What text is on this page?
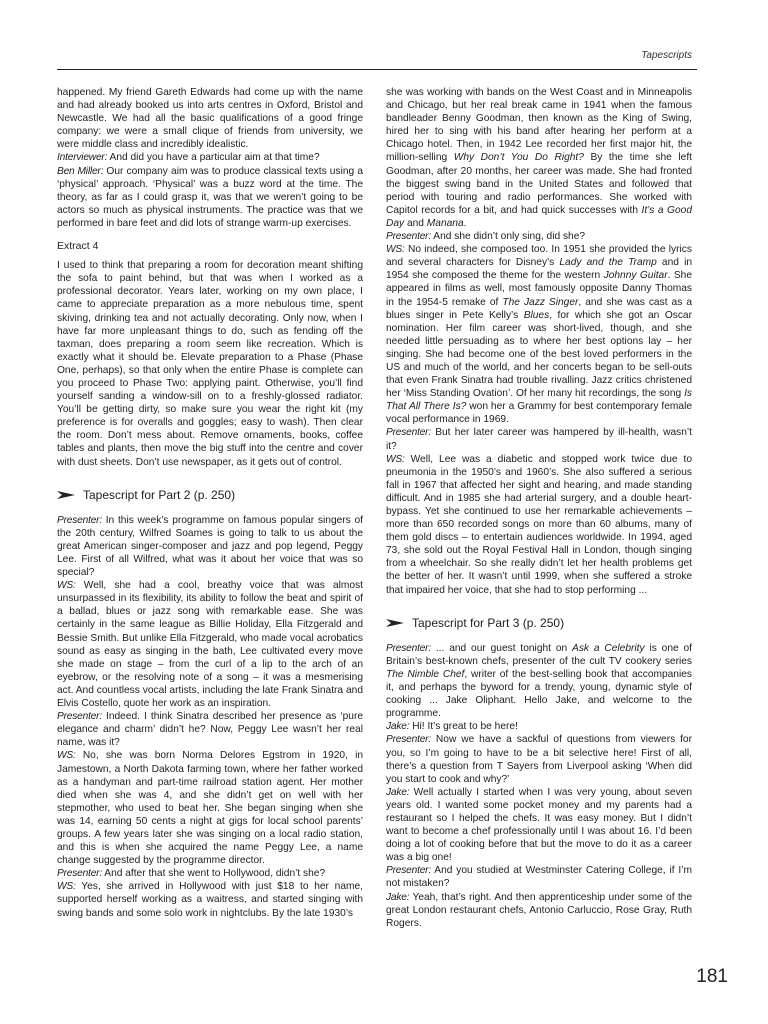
Tapescripts

happened. My friend Gareth Edwards had come up with the name and had already booked us into arts centres in Oxford, Bristol and Newcastle. We had all the basic qualifications of a good fringe company: we were a small clique of friends from university, we were middle class and incredibly idealistic.

Interviewer: And did you have a particular aim at that time?

Ben Miller: Our company aim was to produce classical texts using a ‘physical’ approach. ‘Physical’ was a buzz word at the time. The theory, as far as I could grasp it, was that we weren’t going to be actors so much as physical instruments. The practice was that we performed in bare feet and did lots of strange warm-up exercises.

Extract 4

I used to think that preparing a room for decoration meant shifting the sofa to paint behind, but that was when I worked as a professional decorator. Years later, working on my own place, I came to appreciate preparation as a more nebulous time, spent skiving, drinking tea and not actually decorating. Only now, when I have far more unpleasant things to do, such as fending off the taxman, does preparing a room seem like recreation. Which is exactly what it should be. Elevate preparation to a Phase (Phase One, perhaps), so that only when the entire Phase is complete can you proceed to Phase Two: applying paint. Otherwise, you’ll find yourself sanding a window-sill on to a freshly-glossed radiator. You’ll be getting dirty, so make sure you wear the right kit (my preference is for overalls and goggles; easy to wash). Then clear the room. Don’t mess about. Remove ornaments, books, coffee tables and plants, then move the big stuff into the centre and cover with dust sheets. Don’t use newspaper, as it gets out of control.

Tapescript for Part 2 (p. 250)

Presenter: In this week’s programme on famous popular singers of the 20th century, Wilfred Soames is going to talk to us about the great American singer-composer and jazz and pop legend, Peggy Lee. First of all Wilfred, what was it about her voice that was so special?

WS: Well, she had a cool, breathy voice that was almost unsurpassed in its flexibility, its ability to follow the beat and spirit of a ballad, blues or jazz song with remarkable ease. She was certainly in the same league as Billie Holiday, Ella Fitzgerald and Bessie Smith. But unlike Ella Fitzgerald, who made vocal acrobatics sound as easy as singing in the bath, Lee cultivated every move she made on stage – from the curl of a lip to the arch of an eyebrow, or the resolving note of a song – it was a mesmerising act. And countless vocal artists, including the late Frank Sinatra and Elvis Costello, quote her work as an inspiration.

Presenter: Indeed. I think Sinatra described her presence as ‘pure elegance and charm’ didn’t he? Now, Peggy Lee wasn’t her real name, was it?

WS: No, she was born Norma Delores Egstrom in 1920, in Jamestown, a North Dakota farming town, where her father worked as a handyman and part-time railroad station agent. Her mother died when she was 4, and she didn’t get on well with her stepmother, who used to beat her. She began singing when she was 14, earning 50 cents a night at gigs for local school parents’ groups. A few years later she was singing on a local radio station, and this is when she acquired the name Peggy Lee, a name change suggested by the programme director.

Presenter: And after that she went to Hollywood, didn’t she?

WS: Yes, she arrived in Hollywood with just $18 to her name, supported herself working as a waitress, and started singing with swing bands and some solo work in nightclubs. By the late 1930’s

she was working with bands on the West Coast and in Minneapolis and Chicago, but her real break came in 1941 when the famous bandleader Benny Goodman, then known as the King of Swing, hired her to sing with his band after hearing her perform at a Chicago hotel. Then, in 1942 Lee recorded her first major hit, the million-selling Why Don’t You Do Right? By the time she left Goodman, after 20 months, her career was made. She had fronted the biggest swing band in the United States and followed that period with touring and radio performances. She worked with Capitol records for a bit, and had quick successes with It’s a Good Day and Manana.

Presenter: And she didn’t only sing, did she?

WS: No indeed, she composed too. In 1951 she provided the lyrics and several characters for Disney’s Lady and the Tramp and in 1954 she composed the theme for the western Johnny Guitar. She appeared in films as well, most famously opposite Danny Thomas in the 1954-5 remake of The Jazz Singer, and she was cast as a blues singer in Pete Kelly’s Blues, for which she got an Oscar nomination. Her film career was short-lived, though, and she needed little persuading as to where her best options lay – her singing. She had become one of the best loved performers in the US and much of the world, and her concerts began to be sell-outs that even Frank Sinatra had trouble rivalling. Jazz critics christened her ‘Miss Standing Ovation’. Of her many hit recordings, the song Is That All There Is? won her a Grammy for best contemporary female vocal performance in 1969.

Presenter: But her later career was hampered by ill-health, wasn’t it?

WS: Well, Lee was a diabetic and stopped work twice due to pneumonia in the 1950’s and 1960’s. She also suffered a serious fall in 1967 that affected her sight and hearing, and made standing difficult. And in 1985 she had arterial surgery, and a double heart-bypass. Yet she continued to use her remarkable achievements – more than 650 recorded songs on more than 60 albums, many of them gold discs – to entertain audiences worldwide. In 1994, aged 73, she sold out the Royal Festival Hall in London, though singing from a wheelchair. So she really didn’t let her health problems get the better of her. It wasn’t until 1999, when she suffered a stroke that impaired her voice, that she had to stop performing ...

Tapescript for Part 3 (p. 250)

Presenter: ... and our guest tonight on Ask a Celebrity is one of Britain’s best-known chefs, presenter of the cult TV cookery series The Nimble Chef, writer of the best-selling book that accompanies it, and perhaps the byword for a trendy, young, dynamic style of cooking ... Jake Oliphant. Hello Jake, and welcome to the programme.

Jake: Hi! It’s great to be here!

Presenter: Now we have a sackful of questions from viewers for you, so I’m going to have to be a bit selective here! First of all, there’s a question from T Sayers from Liverpool asking ‘When did you start to cook and why?’

Jake: Well actually I started when I was very young, about seven years old. I wanted some pocket money and my parents had a restaurant so I helped the chefs. It was easy money. But I didn’t want to become a chef professionally until I was about 16. I’d been doing a lot of cooking before that but the move to do it as a career was a big one!

Presenter: And you studied at Westminster Catering College, if I’m not mistaken?

Jake: Yeah, that’s right. And then apprenticeship under some of the great London restaurant chefs, Antonio Carluccio, Rose Gray, Ruth Rogers.

181
